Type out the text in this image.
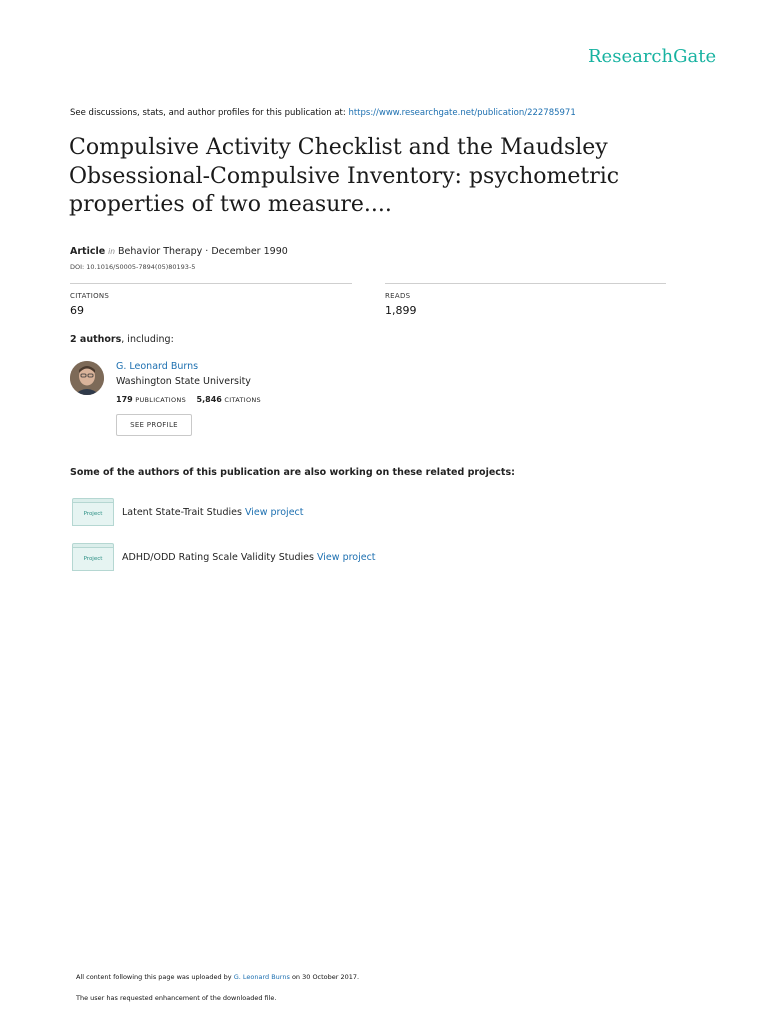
ResearchGate
See discussions, stats, and author profiles for this publication at: https://www.researchgate.net/publication/222785971
Compulsive Activity Checklist and the Maudsley Obsessional-Compulsive Inventory: psychometric properties of two measure....
Article in Behavior Therapy · December 1990
DOI: 10.1016/S0005-7894(05)80193-5
CITATIONS
69
READS
1,899
2 authors, including:
G. Leonard Burns
Washington State University
179 PUBLICATIONS 5,846 CITATIONS
SEE PROFILE
Some of the authors of this publication are also working on these related projects:
Project	Latent State-Trait Studies View project
Project	ADHD/ODD Rating Scale Validity Studies View project
All content following this page was uploaded by G. Leonard Burns on 30 October 2017.
The user has requested enhancement of the downloaded file.
